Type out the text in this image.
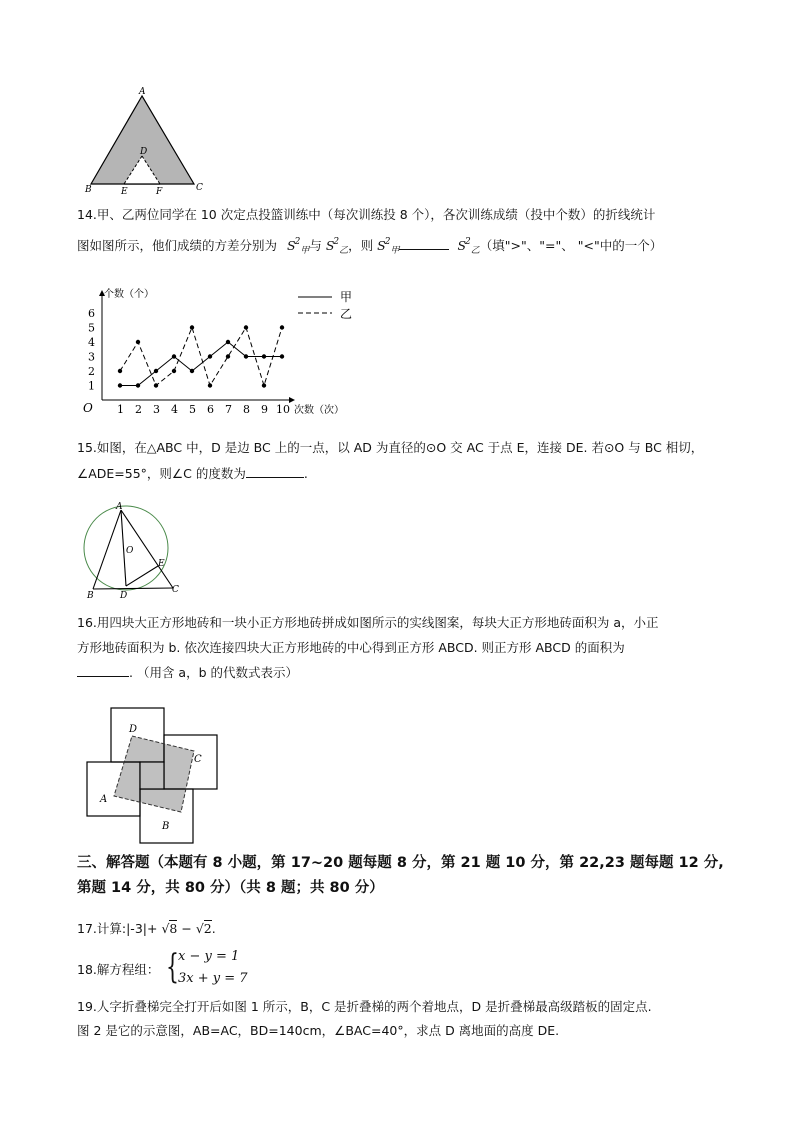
A
B	C
D
E	F
14.甲、乙两位同学在 10 次定点投篮训练中（每次训练投 8 个），各次训练成绩（投中个数）的折线统计
图如图所示，他们成绩的方差分别为 $S^2_甲$与 $S^2_乙$，则 $S^2_甲$	$S^2_乙$（填">"、"="、 "<"中的一个）
个数（个）
次数（次）
O
1
2
3
4
5
6
1 2 3 4 5 6 7 8 9 10
甲
乙
15.如图，在△ABC 中，D 是边 BC 上的一点，以 AD 为直径的⊙O 交 AC 于点 E，连接 DE. 若⊙O 与 BC 相切，
∠ADE=55°，则∠C 的度数为	.
A
O
E
B	D
C
16.用四块大正方形地砖和一块小正方形地砖拼成如图所示的实线图案，每块大正方形地砖面积为 a，小正
方形地砖面积为 b. 依次连接四块大正方形地砖的中心得到正方形 ABCD. 则正方形 ABCD 的面积为
. （用含 a，b 的代数式表示）
D
C
A
B
三、解答题（本题有 8 小题，第 17~20 题每题 8 分，第 21 题 10 分，第 22,23 题每题 12 分,
第题 14 分，共 80 分）（共 8 题；共 80 分）
17.计算:|-3|+ √8 − √2.
18.解方程组： { x − y = 1
3x + y = 7
19.人字折叠梯完全打开后如图 1 所示，B，C 是折叠梯的两个着地点，D 是折叠梯最高级踏板的固定点.
图 2 是它的示意图，AB=AC，BD=140cm，∠BAC=40°，求点 D 离地面的高度 DE.
